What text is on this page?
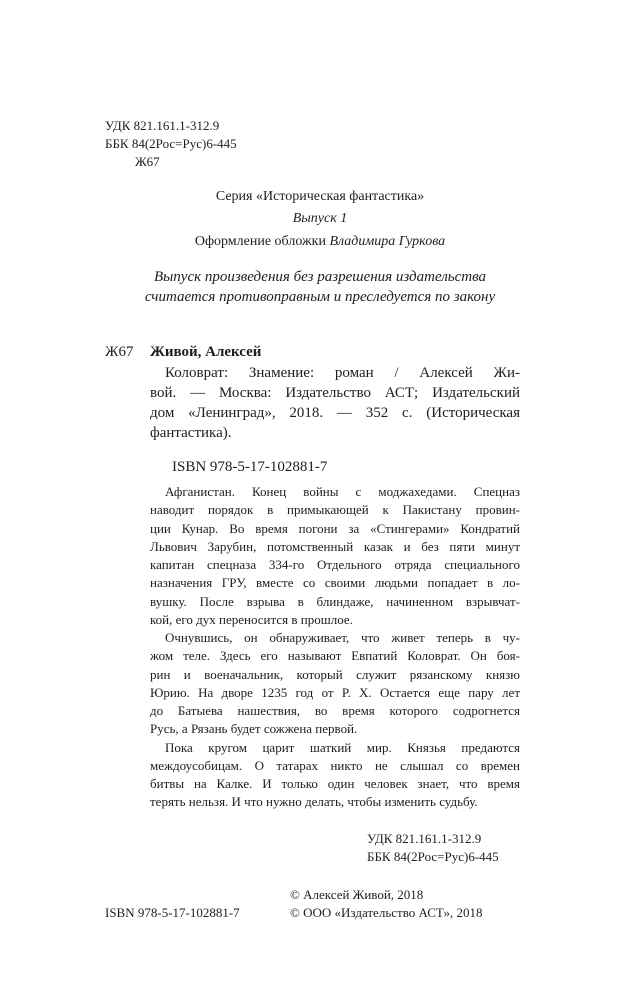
УДК 821.161.1-312.9
ББК 84(2Рос=Рус)6-445
Ж67
Серия «Историческая фантастика»
Выпуск 1
Оформление обложки Владимира Гуркова
Выпуск произведения без разрешения издательства
считается противоправным и преследуется по закону
Ж67 Живой, Алексей
Коловрат: Знамение: роман / Алексей Жи-
вой. — Москва: Издательство АСТ; Издательский
дом «Ленинград», 2018. — 352 с. (Историческая
фантастика).
ISBN 978-5-17-102881-7
Афганистан. Конец войны с моджахедами. Спецназ
наводит порядок в примыкающей к Пакистану провин-
ции Кунар. Во время погони за «Стингерами» Кондратий
Львович Зарубин, потомственный казак и без пяти минут
капитан спецназа 334-го Отдельного отряда специального
назначения ГРУ, вместе со своими людьми попадает в ло-
вушку. После взрыва в блиндаже, начиненном взрывчат-
кой, его дух переносится в прошлое.
Очнувшись, он обнаруживает, что живет теперь в чу-
жом теле. Здесь его называют Евпатий Коловрат. Он боя-
рин и военачальник, который служит рязанскому князю
Юрию. На дворе 1235 год от Р. Х. Остается еще пару лет
до Батыева нашествия, во время которого содрогнется
Русь, а Рязань будет сожжена первой.
Пока кругом царит шаткий мир. Князья предаются
междоусобицам. О татарах никто не слышал со времен
битвы на Калке. И только один человек знает, что время
терять нельзя. И что нужно делать, чтобы изменить судьбу.
УДК 821.161.1-312.9
ББК 84(2Рос=Рус)6-445
© Алексей Живой, 2018
ISBN 978-5-17-102881-7	© ООО «Издательство АСТ», 2018
